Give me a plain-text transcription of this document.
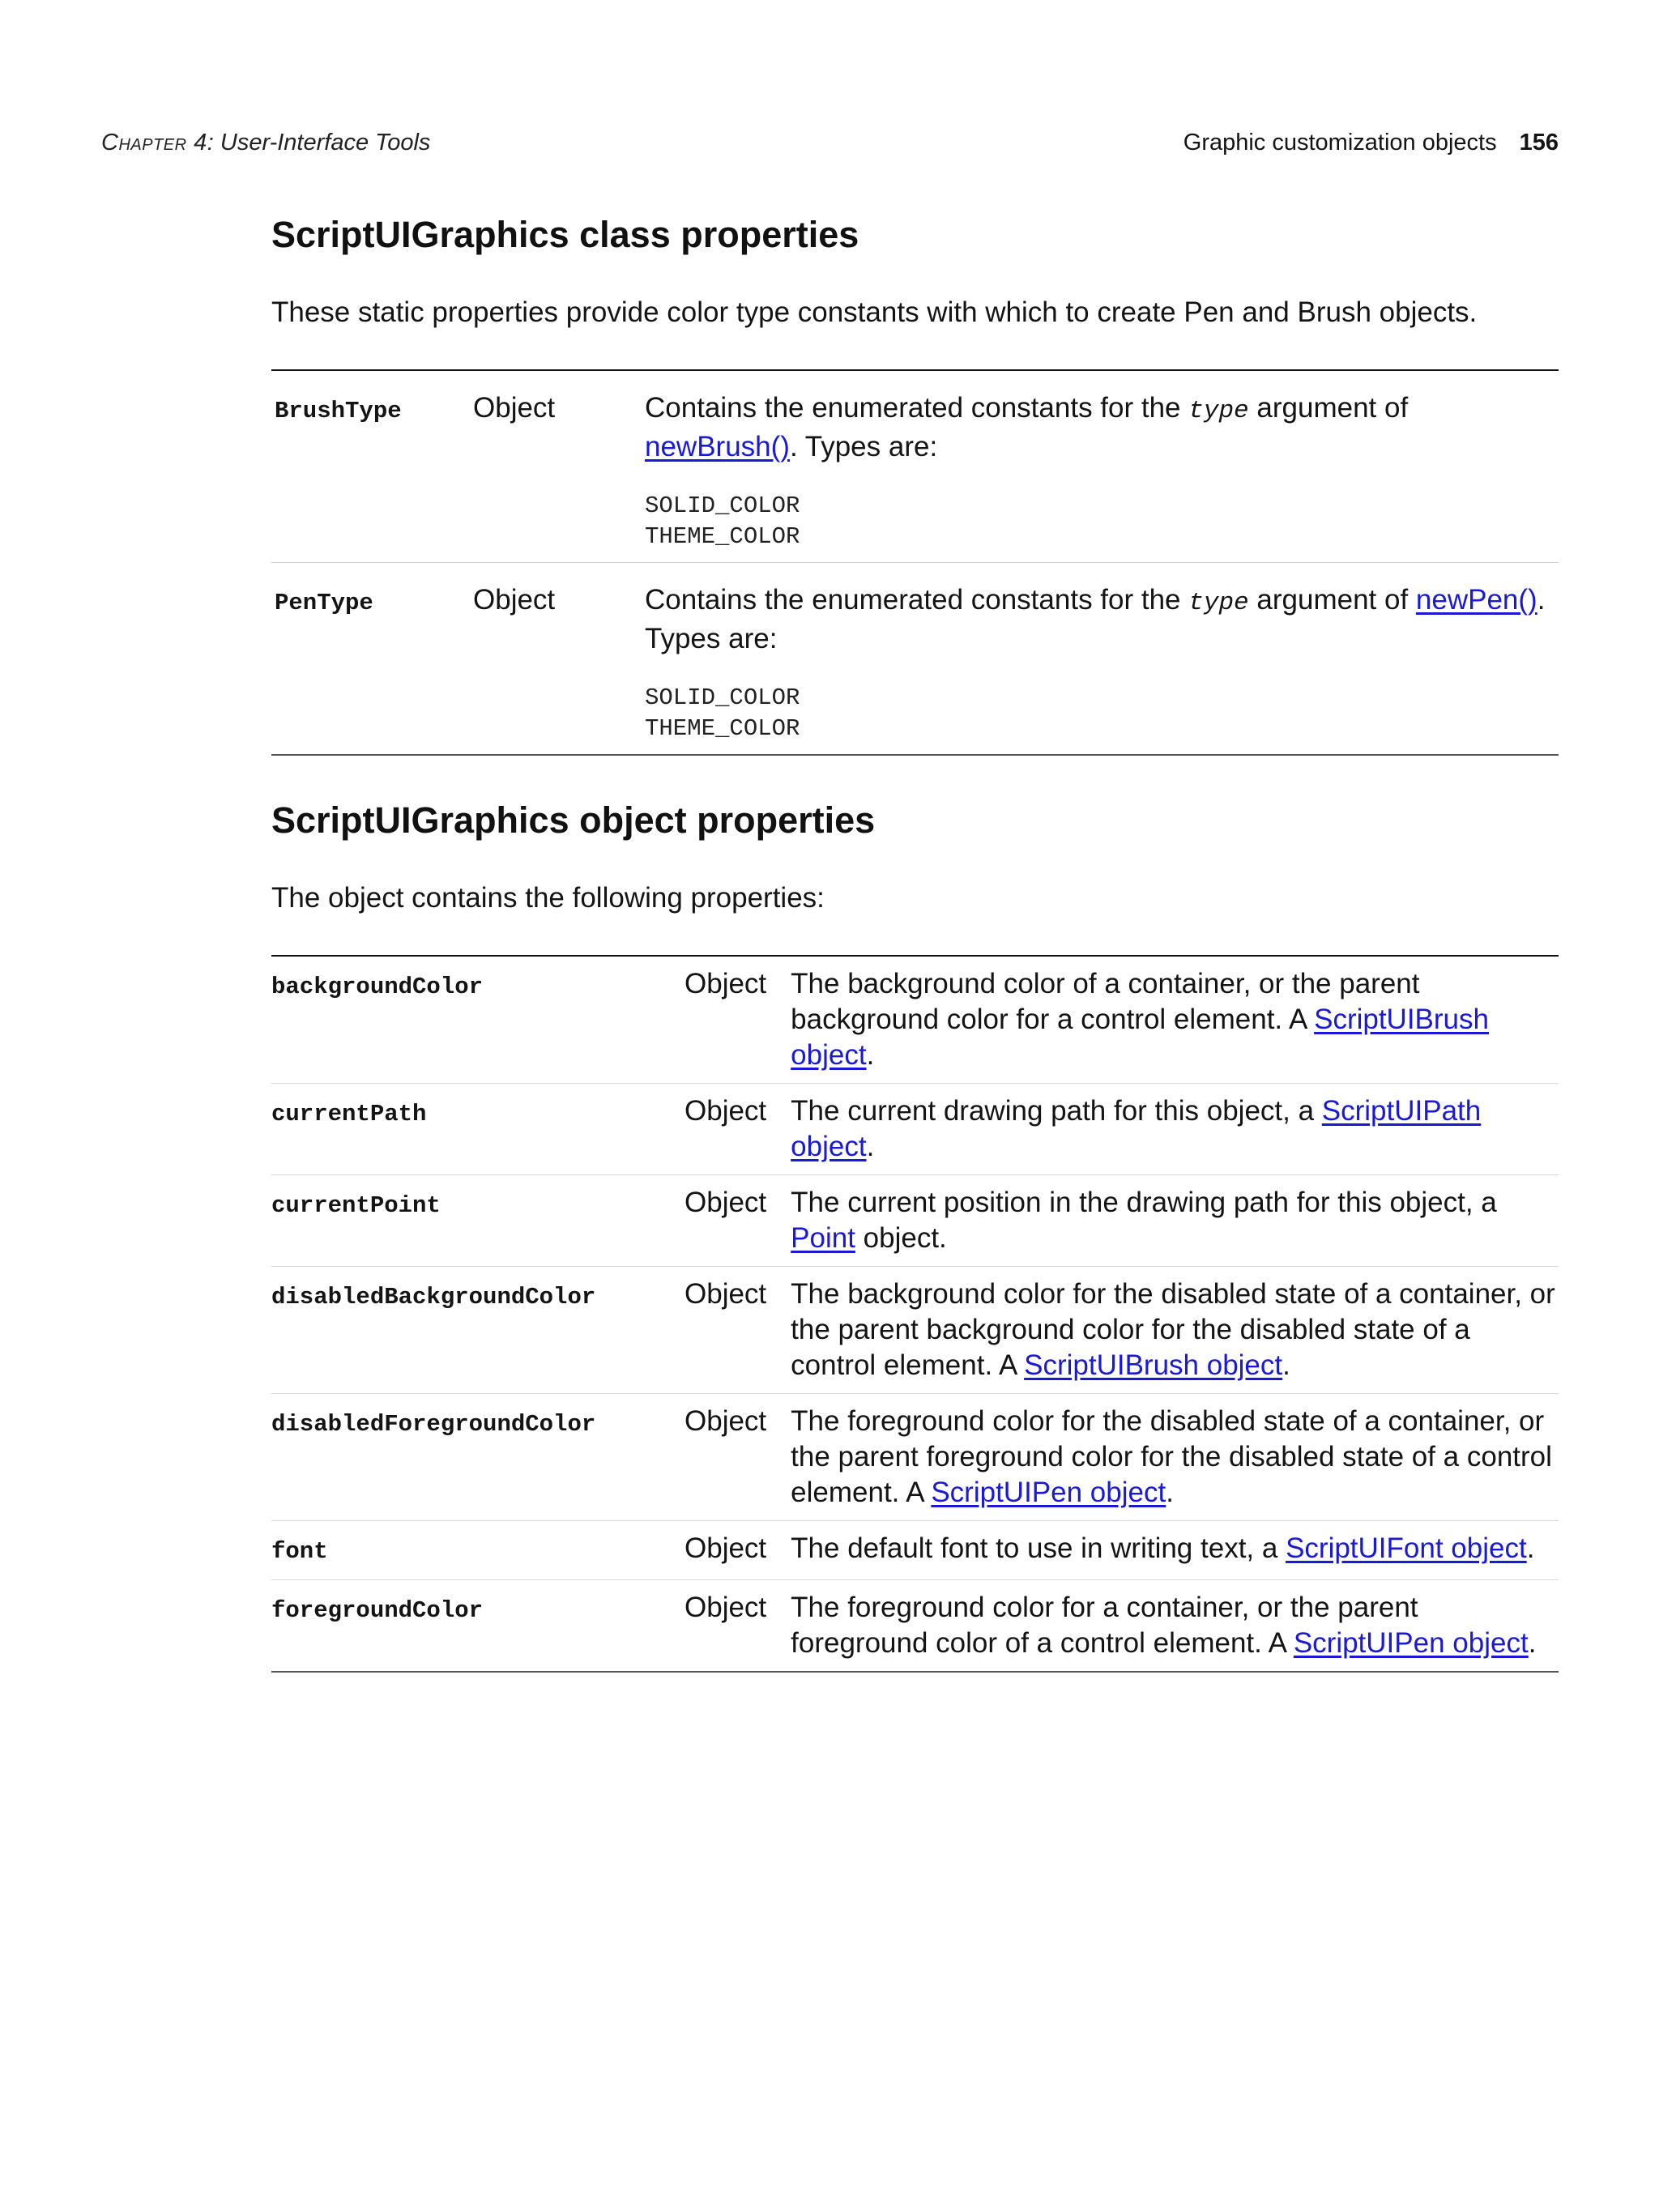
Chapter 4: User-Interface Tools	Graphic customization objects 156
ScriptUIGraphics class properties

These static properties provide color type constants with which to create Pen and Brush objects.

BrushType	Object	Contains the enumerated constants for the type argument of
newBrush(). Types are:
SOLID_COLOR
THEME_COLOR

PenType	Object	Contains the enumerated constants for the type argument of newPen(). Types are:
SOLID_COLOR
THEME_COLOR
ScriptUIGraphics object properties

The object contains the following properties:

backgroundColor	Object	The background color of a container, or the parent background color for a control element. A ScriptUIBrush object.
currentPath	Object	The current drawing path for this object, a ScriptUIPath object.
currentPoint	Object	The current position in the drawing path for this object, a Point object.
disabledBackgroundColor	Object	The background color for the disabled state of a container, or the parent background color for the disabled state of a control element. A ScriptUIBrush object.
disabledForegroundColor	Object	The foreground color for the disabled state of a container, or the parent foreground color for the disabled state of a control element. A ScriptUIPen object.
font	Object	The default font to use in writing text, a ScriptUIFont object.
foregroundColor	Object	The foreground color for a container, or the parent foreground color of a control element. A ScriptUIPen object.
